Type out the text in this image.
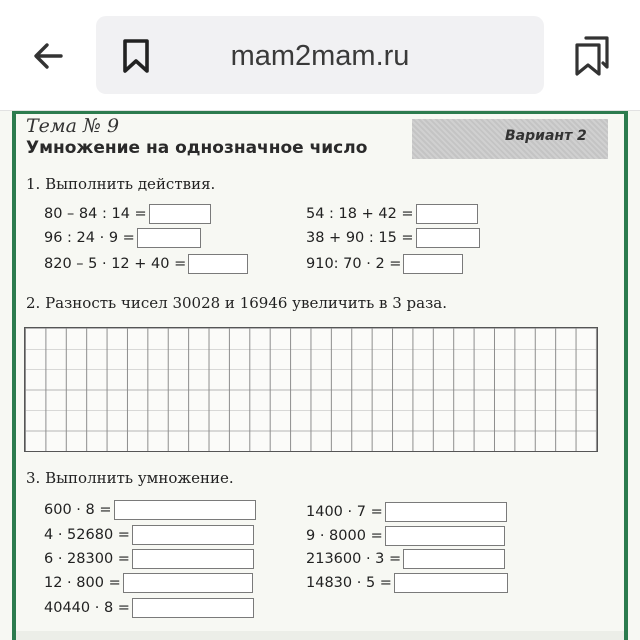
mam2mam.ru
Тема № 9
Умножение на однозначное число
Вариант 2
1. Выполнить действия.
80 – 84 : 14 =
96 : 24 · 9 =
820 – 5 · 12 + 40 =
54 : 18 + 42 =
38 + 90 : 15 =
910: 70 · 2 =
2. Разность чисел 30028 и 16946 увеличить в 3 раза.
3. Выполнить умножение.
600 · 8 =
4 · 52680 =
6 · 28300 =
12 · 800 =
40440 · 8 =
1400 · 7 =
9 · 8000 =
213600 · 3 =
14830 · 5 =
